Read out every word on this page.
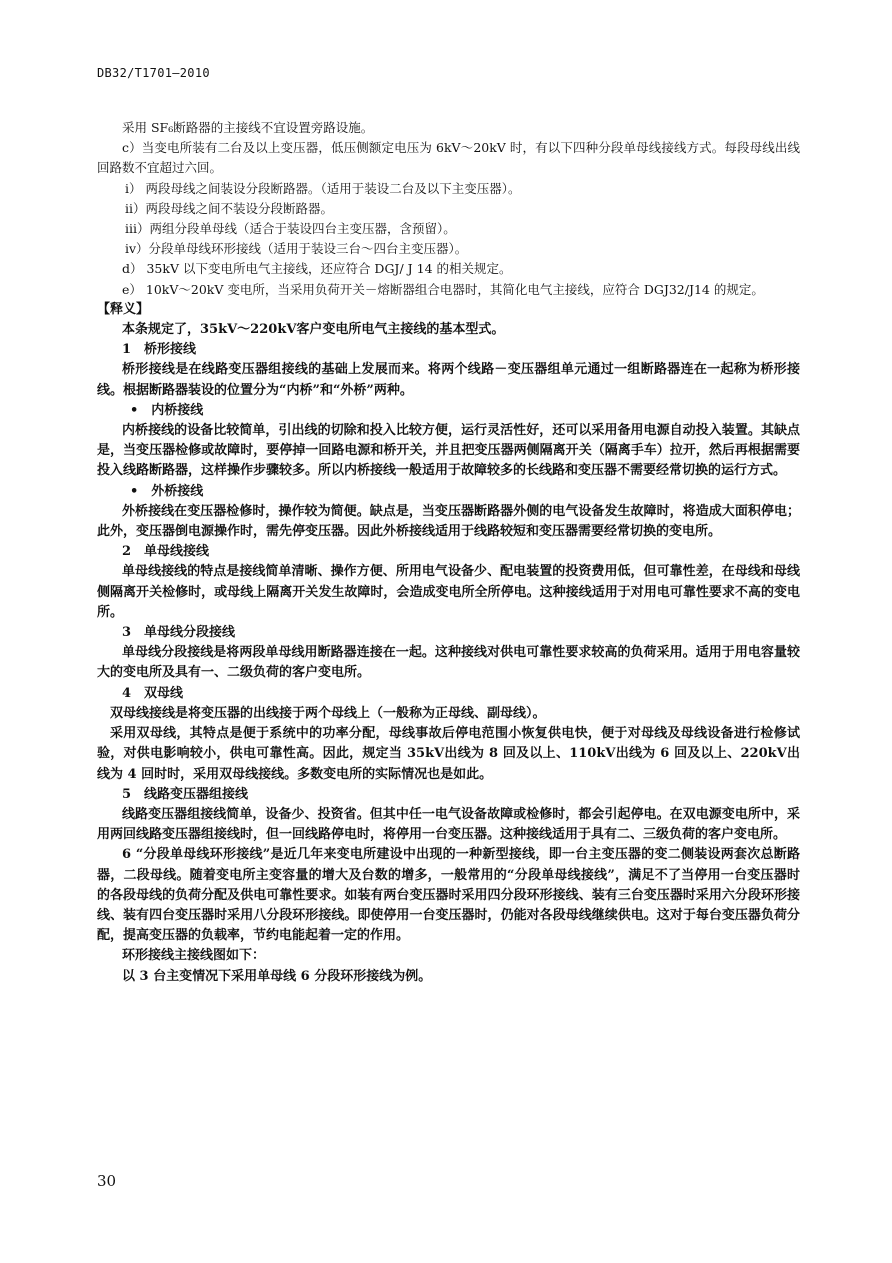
DB32/T1701—2010

采用 SF₆断路器的主接线不宜设置旁路设施。

c）当变电所装有二台及以上变压器，低压侧额定电压为 6kV～20kV 时，有以下四种分段单母线接线方式。每段母线出线回路数不宜超过六回。

i） 两段母线之间装设分段断路器。（适用于装设二台及以下主变压器）。

ii）两段母线之间不装设分段断路器。

iii）两组分段单母线（适合于装设四台主变压器，含预留）。

iv）分段单母线环形接线（适用于装设三台～四台主变压器）。

d） 35kV 以下变电所电气主接线，还应符合 DGJ/ J 14 的相关规定。

e） 10kV～20kV 变电所，当采用负荷开关－熔断器组合电器时，其简化电气主接线，应符合 DGJ32/J14 的规定。

【释义】

本条规定了，35kV～220kV客户变电所电气主接线的基本型式。

1　桥形接线

桥形接线是在线路变压器组接线的基础上发展而来。将两个线路－变压器组单元通过一组断路器连在一起称为桥形接线。根据断路器装设的位置分为“内桥”和“外桥”两种。

•　内桥接线

内桥接线的设备比较简单，引出线的切除和投入比较方便，运行灵活性好，还可以采用备用电源自动投入装置。其缺点是，当变压器检修或故障时，要停掉一回路电源和桥开关，并且把变压器两侧隔离开关（隔离手车）拉开，然后再根据需要投入线路断路器，这样操作步骤较多。所以内桥接线一般适用于故障较多的长线路和变压器不需要经常切换的运行方式。

•　外桥接线

外桥接线在变压器检修时，操作较为简便。缺点是，当变压器断路器外侧的电气设备发生故障时，将造成大面积停电；此外，变压器倒电源操作时，需先停变压器。因此外桥接线适用于线路较短和变压器需要经常切换的变电所。

2　单母线接线

单母线接线的特点是接线简单清晰、操作方便、所用电气设备少、配电装置的投资费用低，但可靠性差，在母线和母线侧隔离开关检修时，或母线上隔离开关发生故障时，会造成变电所全所停电。这种接线适用于对用电可靠性要求不高的变电所。

3　单母线分段接线

单母线分段接线是将两段单母线用断路器连接在一起。这种接线对供电可靠性要求较高的负荷采用。适用于用电容量较大的变电所及具有一、二级负荷的客户变电所。

4　双母线

双母线接线是将变压器的出线接于两个母线上（一般称为正母线、副母线）。

采用双母线，其特点是便于系统中的功率分配，母线事故后停电范围小恢复供电快，便于对母线及母线设备进行检修试验，对供电影响较小，供电可靠性高。因此，规定当 35kV出线为 8 回及以上、110kV出线为 6 回及以上、220kV出线为 4 回时时，采用双母线接线。多数变电所的实际情况也是如此。

5　线路变压器组接线

线路变压器组接线简单，设备少、投资省。但其中任一电气设备故障或检修时，都会引起停电。在双电源变电所中，采用两回线路变压器组接线时，但一回线路停电时，将停用一台变压器。这种接线适用于具有二、三级负荷的客户变电所。

6 “分段单母线环形接线”是近几年来变电所建设中出现的一种新型接线，即一台主变压器的变二侧装设两套次总断路器，二段母线。随着变电所主变容量的增大及台数的增多，一般常用的“分段单母线接线”，满足不了当停用一台变压器时的各段母线的负荷分配及供电可靠性要求。如装有两台变压器时采用四分段环形接线、装有三台变压器时采用六分段环形接线、装有四台变压器时采用八分段环形接线。即使停用一台变压器时，仍能对各段母线继续供电。这对于每台变压器负荷分配，提高变压器的负载率，节约电能起着一定的作用。

环形接线主接线图如下：

以 3 台主变情况下采用单母线 6 分段环形接线为例。

30
